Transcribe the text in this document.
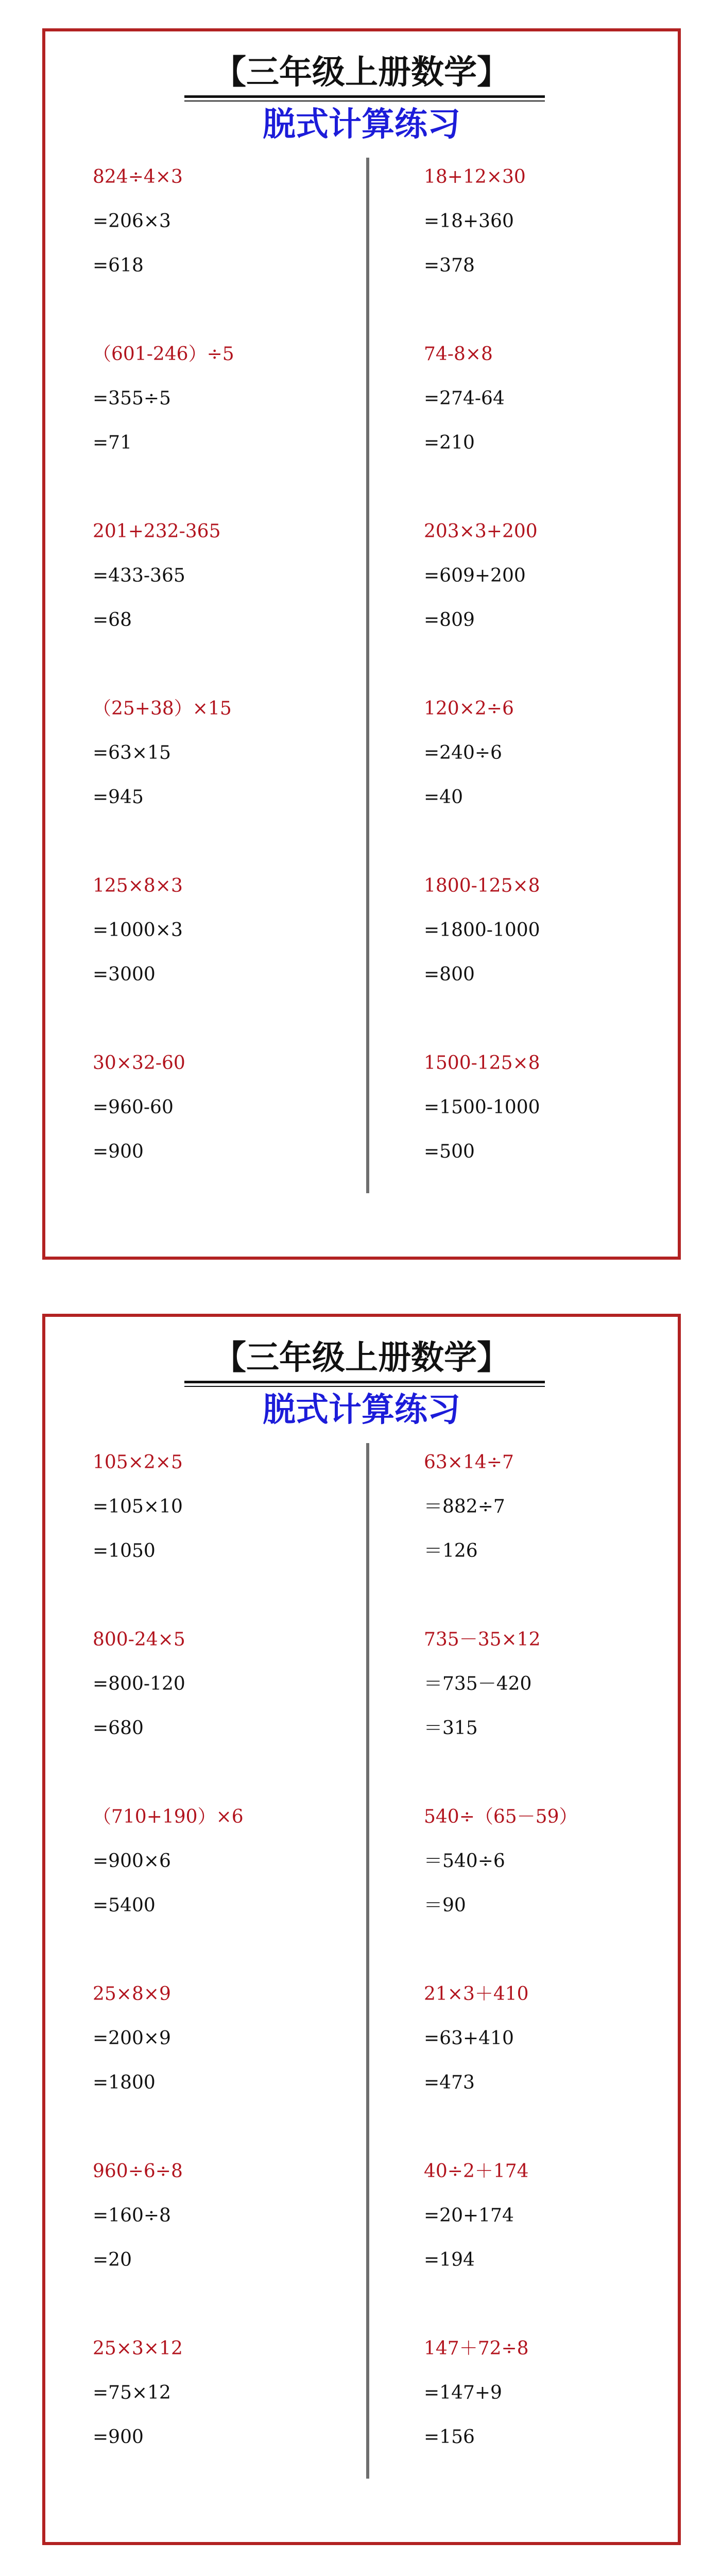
【三年级上册数学】
脱式计算练习
824÷4×3
=206×3
=618
（601-246）÷5
=355÷5
=71
201+232-365
=433-365
=68
（25+38）×15
=63×15
=945
125×8×3
=1000×3
=3000
30×32-60
=960-60
=900
18+12×30
=18+360
=378
74-8×8
=274-64
=210
203×3+200
=609+200
=809
120×2÷6
=240÷6
=40
1800-125×8
=1800-1000
=800
1500-125×8
=1500-1000
=500
【三年级上册数学】
脱式计算练习
105×2×5
=105×10
=1050
800-24×5
=800-120
=680
（710+190）×6
=900×6
=5400
25×8×9
=200×9
=1800
960÷6÷8
=160÷8
=20
25×3×12
=75×12
=900
63×14÷7
＝882÷7
＝126
735－35×12
＝735－420
＝315
540÷（65－59）
＝540÷6
＝90
21×3＋410
=63+410
=473
40÷2＋174
=20+174
=194
147＋72÷8
=147+9
=156
